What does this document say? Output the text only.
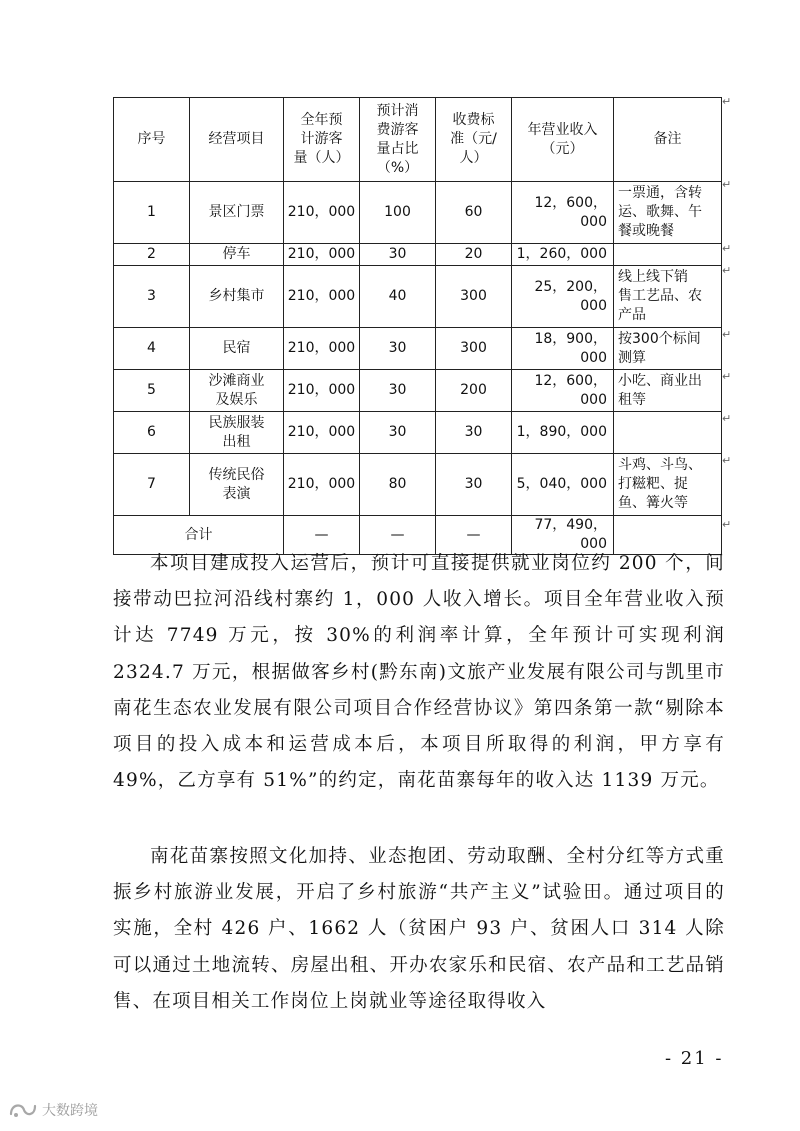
序号	经营项目	全年预
计游客
量（人）	预计消
费游客
量占比
（%）	收费标
准（元/
人）	年营业收入
（元）	备注
1	景区门票	210，000	100	60	12，600，000	一票通，含转
运、歌舞、午
餐或晚餐
2	停车	210，000	30	20	1，260，000	
3	乡村集市	210，000	40	300	25，200，000	线上线下销
售工艺品、农
产品
4	民宿	210，000	30	300	18，900，000	按300个标间
测算
5	沙滩商业
及娱乐	210，000	30	200	12，600，000	小吃、商业出
租等
6	民族服装
出租	210，000	30	30	1，890，000	
7	传统民俗
表演	210，000	80	30	5，040，000	斗鸡、斗鸟、
打糍粑、捉
鱼、篝火等
合计		—	—	—	77，490，000	
↵
↵
↵
↵
↵
↵
↵
↵
↵

本项目建成投入运营后，预计可直接提供就业岗位约 200 个，间接带动巴拉河沿线村寨约 1，000 人收入增长。项目全年营业收入预计达 7749 万元，按 30%的利润率计算，全年预计可实现利润 2324.7 万元，根据做客乡村(黔东南)文旅产业发展有限公司与凯里市南花生态农业发展有限公司项目合作经营协议》第四条第一款“剔除本项目的投入成本和运营成本后，本项目所取得的利润，甲方享有 49%，乙方享有 51%”的约定，南花苗寨每年的收入达 1139 万元。

南花苗寨按照文化加持、业态抱团、劳动取酬、全村分红等方式重振乡村旅游业发展，开启了乡村旅游“共产主义”试验田。通过项目的实施，全村 426 户、1662 人（贫困户 93 户、贫困人口 314 人除可以通过土地流转、房屋出租、开办农家乐和民宿、农产品和工艺品销售、在项目相关工作岗位上岗就业等途径取得收入

- 21 -
大数跨境
